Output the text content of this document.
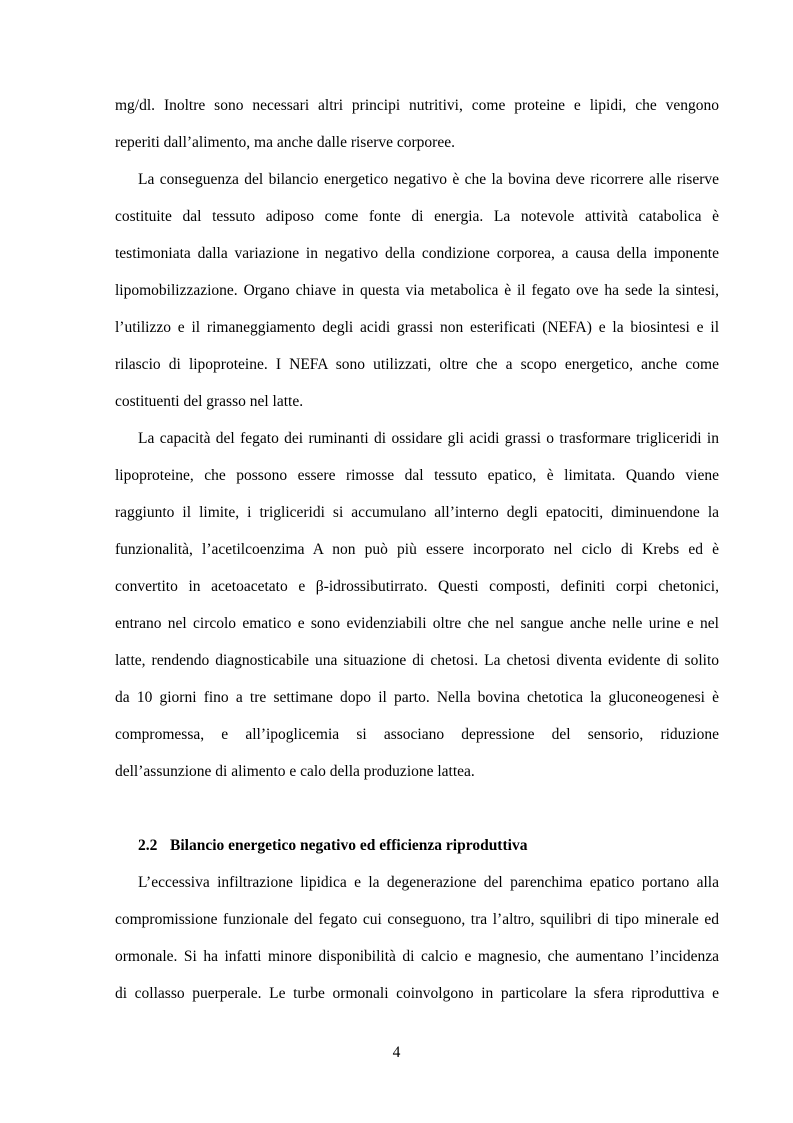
mg/dl. Inoltre sono necessari altri principi nutritivi, come proteine e lipidi, che vengono
reperiti dall’alimento, ma anche dalle riserve corporee.
La conseguenza del bilancio energetico negativo è che la bovina deve ricorrere alle riserve
costituite dal tessuto adiposo come fonte di energia. La notevole attività catabolica è
testimoniata dalla variazione in negativo della condizione corporea, a causa della imponente
lipomobilizzazione. Organo chiave in questa via metabolica è il fegato ove ha sede la sintesi,
l’utilizzo e il rimaneggiamento degli acidi grassi non esterificati (NEFA) e la biosintesi e il
rilascio di lipoproteine. I NEFA sono utilizzati, oltre che a scopo energetico, anche come
costituenti del grasso nel latte.
La capacità del fegato dei ruminanti di ossidare gli acidi grassi o trasformare trigliceridi in
lipoproteine, che possono essere rimosse dal tessuto epatico, è limitata. Quando viene
raggiunto il limite, i trigliceridi si accumulano all’interno degli epatociti, diminuendone la
funzionalità, l’acetilcoenzima A non può più essere incorporato nel ciclo di Krebs ed è
convertito in acetoacetato e β-idrossibutirrato. Questi composti, definiti corpi chetonici,
entrano nel circolo ematico e sono evidenziabili oltre che nel sangue anche nelle urine e nel
latte, rendendo diagnosticabile una situazione di chetosi. La chetosi diventa evidente di solito
da 10 giorni fino a tre settimane dopo il parto. Nella bovina chetotica la gluconeogenesi è
compromessa, e all’ipoglicemia si associano depressione del sensorio, riduzione
dell’assunzione di alimento e calo della produzione lattea.
2.2 Bilancio energetico negativo ed efficienza riproduttiva
L’eccessiva infiltrazione lipidica e la degenerazione del parenchima epatico portano alla
compromissione funzionale del fegato cui conseguono, tra l’altro, squilibri di tipo minerale ed
ormonale. Si ha infatti minore disponibilità di calcio e magnesio, che aumentano l’incidenza
di collasso puerperale. Le turbe ormonali coinvolgono in particolare la sfera riproduttiva e
4
